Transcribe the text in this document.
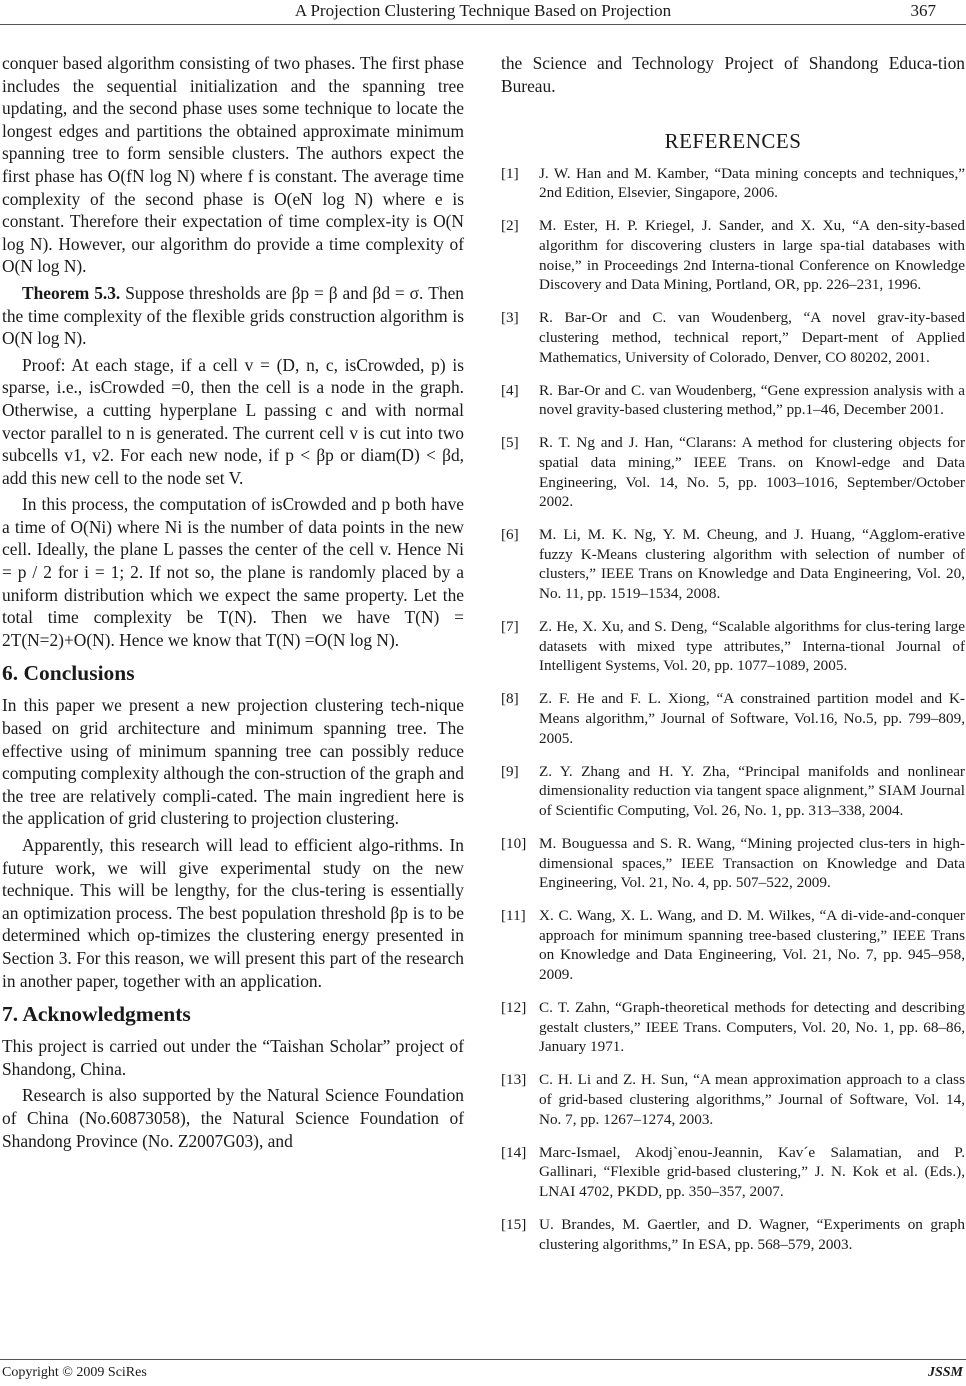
A Projection Clustering Technique Based on Projection	367

conquer based algorithm consisting of two phases. The first phase includes the sequential initialization and the spanning tree updating, and the second phase uses some technique to locate the longest edges and partitions the obtained approximate minimum spanning tree to form sensible clusters. The authors expect the first phase has O(fN log N) where f is constant. The average time complexity of the second phase is O(eN log N) where e is constant. Therefore their expectation of time complex-ity is O(N log N). However, our algorithm do provide a time complexity of O(N log N).

Theorem 5.3. Suppose thresholds are βp = β and βd = σ. Then the time complexity of the flexible grids construction algorithm is O(N log N).

Proof: At each stage, if a cell v = (D, n, c, isCrowded, p) is sparse, i.e., isCrowded =0, then the cell is a node in the graph. Otherwise, a cutting hyperplane L passing c and with normal vector parallel to n is generated. The current cell v is cut into two subcells v1, v2. For each new node, if p < βp or diam(D) < βd, add this new cell to the node set V.

In this process, the computation of isCrowded and p both have a time of O(Ni) where Ni is the number of data points in the new cell. Ideally, the plane L passes the center of the cell v. Hence Ni = p / 2 for i = 1; 2. If not so, the plane is randomly placed by a uniform distribution which we expect the same property. Let the total time complexity be T(N). Then we have T(N) = 2T(N=2)+O(N). Hence we know that T(N) =O(N log N).

6. Conclusions

In this paper we present a new projection clustering tech-nique based on grid architecture and minimum spanning tree. The effective using of minimum spanning tree can possibly reduce computing complexity although the con-struction of the graph and the tree are relatively compli-cated. The main ingredient here is the application of grid clustering to projection clustering.

Apparently, this research will lead to efficient algo-rithms. In future work, we will give experimental study on the new technique. This will be lengthy, for the clus-tering is essentially an optimization process. The best population threshold βp is to be determined which op-timizes the clustering energy presented in Section 3. For this reason, we will present this part of the research in another paper, together with an application.

7. Acknowledgments

This project is carried out under the “Taishan Scholar” project of Shandong, China.

Research is also supported by the Natural Science Foundation of China (No.60873058), the Natural Science Foundation of Shandong Province (No. Z2007G03), and

the Science and Technology Project of Shandong Educa-tion Bureau.

REFERENCES
[1]	J. W. Han and M. Kamber, “Data mining concepts and techniques,” 2nd Edition, Elsevier, Singapore, 2006.
[2]	M. Ester, H. P. Kriegel, J. Sander, and X. Xu, “A den-sity-based algorithm for discovering clusters in large spa-tial databases with noise,” in Proceedings 2nd Interna-tional Conference on Knowledge Discovery and Data Mining, Portland, OR, pp. 226–231, 1996.
[3]	R. Bar-Or and C. van Woudenberg, “A novel grav-ity-based clustering method, technical report,” Depart-ment of Applied Mathematics, University of Colorado, Denver, CO 80202, 2001.
[4]	R. Bar-Or and C. van Woudenberg, “Gene expression analysis with a novel gravity-based clustering method,” pp.1–46, December 2001.
[5]	R. T. Ng and J. Han, “Clarans: A method for clustering objects for spatial data mining,” IEEE Trans. on Knowl-edge and Data Engineering, Vol. 14, No. 5, pp. 1003–1016, September/October 2002.
[6]	M. Li, M. K. Ng, Y. M. Cheung, and J. Huang, “Agglom-erative fuzzy K-Means clustering algorithm with selection of number of clusters,” IEEE Trans on Knowledge and Data Engineering, Vol. 20, No. 11, pp. 1519–1534, 2008.
[7]	Z. He, X. Xu, and S. Deng, “Scalable algorithms for clus-tering large datasets with mixed type attributes,” Interna-tional Journal of Intelligent Systems, Vol. 20, pp. 1077–1089, 2005.
[8]	Z. F. He and F. L. Xiong, “A constrained partition model and K-Means algorithm,” Journal of Software, Vol.16, No.5, pp. 799–809, 2005.
[9]	Z. Y. Zhang and H. Y. Zha, “Principal manifolds and nonlinear dimensionality reduction via tangent space alignment,” SIAM Journal of Scientific Computing, Vol. 26, No. 1, pp. 313–338, 2004.
[10] M. Bouguessa and S. R. Wang, “Mining projected clus-ters in high-dimensional spaces,” IEEE Transaction on Knowledge and Data Engineering, Vol. 21, No. 4, pp. 507–522, 2009.
[11] X. C. Wang, X. L. Wang, and D. M. Wilkes, “A di-vide-and-conquer approach for minimum spanning tree-based clustering,” IEEE Trans on Knowledge and Data Engineering, Vol. 21, No. 7, pp. 945–958, 2009.
[12] C. T. Zahn, “Graph-theoretical methods for detecting and describing gestalt clusters,” IEEE Trans. Computers, Vol. 20, No. 1, pp. 68–86, January 1971.
[13] C. H. Li and Z. H. Sun, “A mean approximation approach to a class of grid-based clustering algorithms,” Journal of Software, Vol. 14, No. 7, pp. 1267–1274, 2003.
[14] Marc-Ismael, Akodj`enou-Jeannin, Kav´e Salamatian, and P. Gallinari, “Flexible grid-based clustering,” J. N. Kok et al. (Eds.), LNAI 4702, PKDD, pp. 350–357, 2007.
[15] U. Brandes, M. Gaertler, and D. Wagner, “Experiments on graph clustering algorithms,” In ESA, pp. 568–579, 2003.
Copyright © 2009 SciRes	JSSM
